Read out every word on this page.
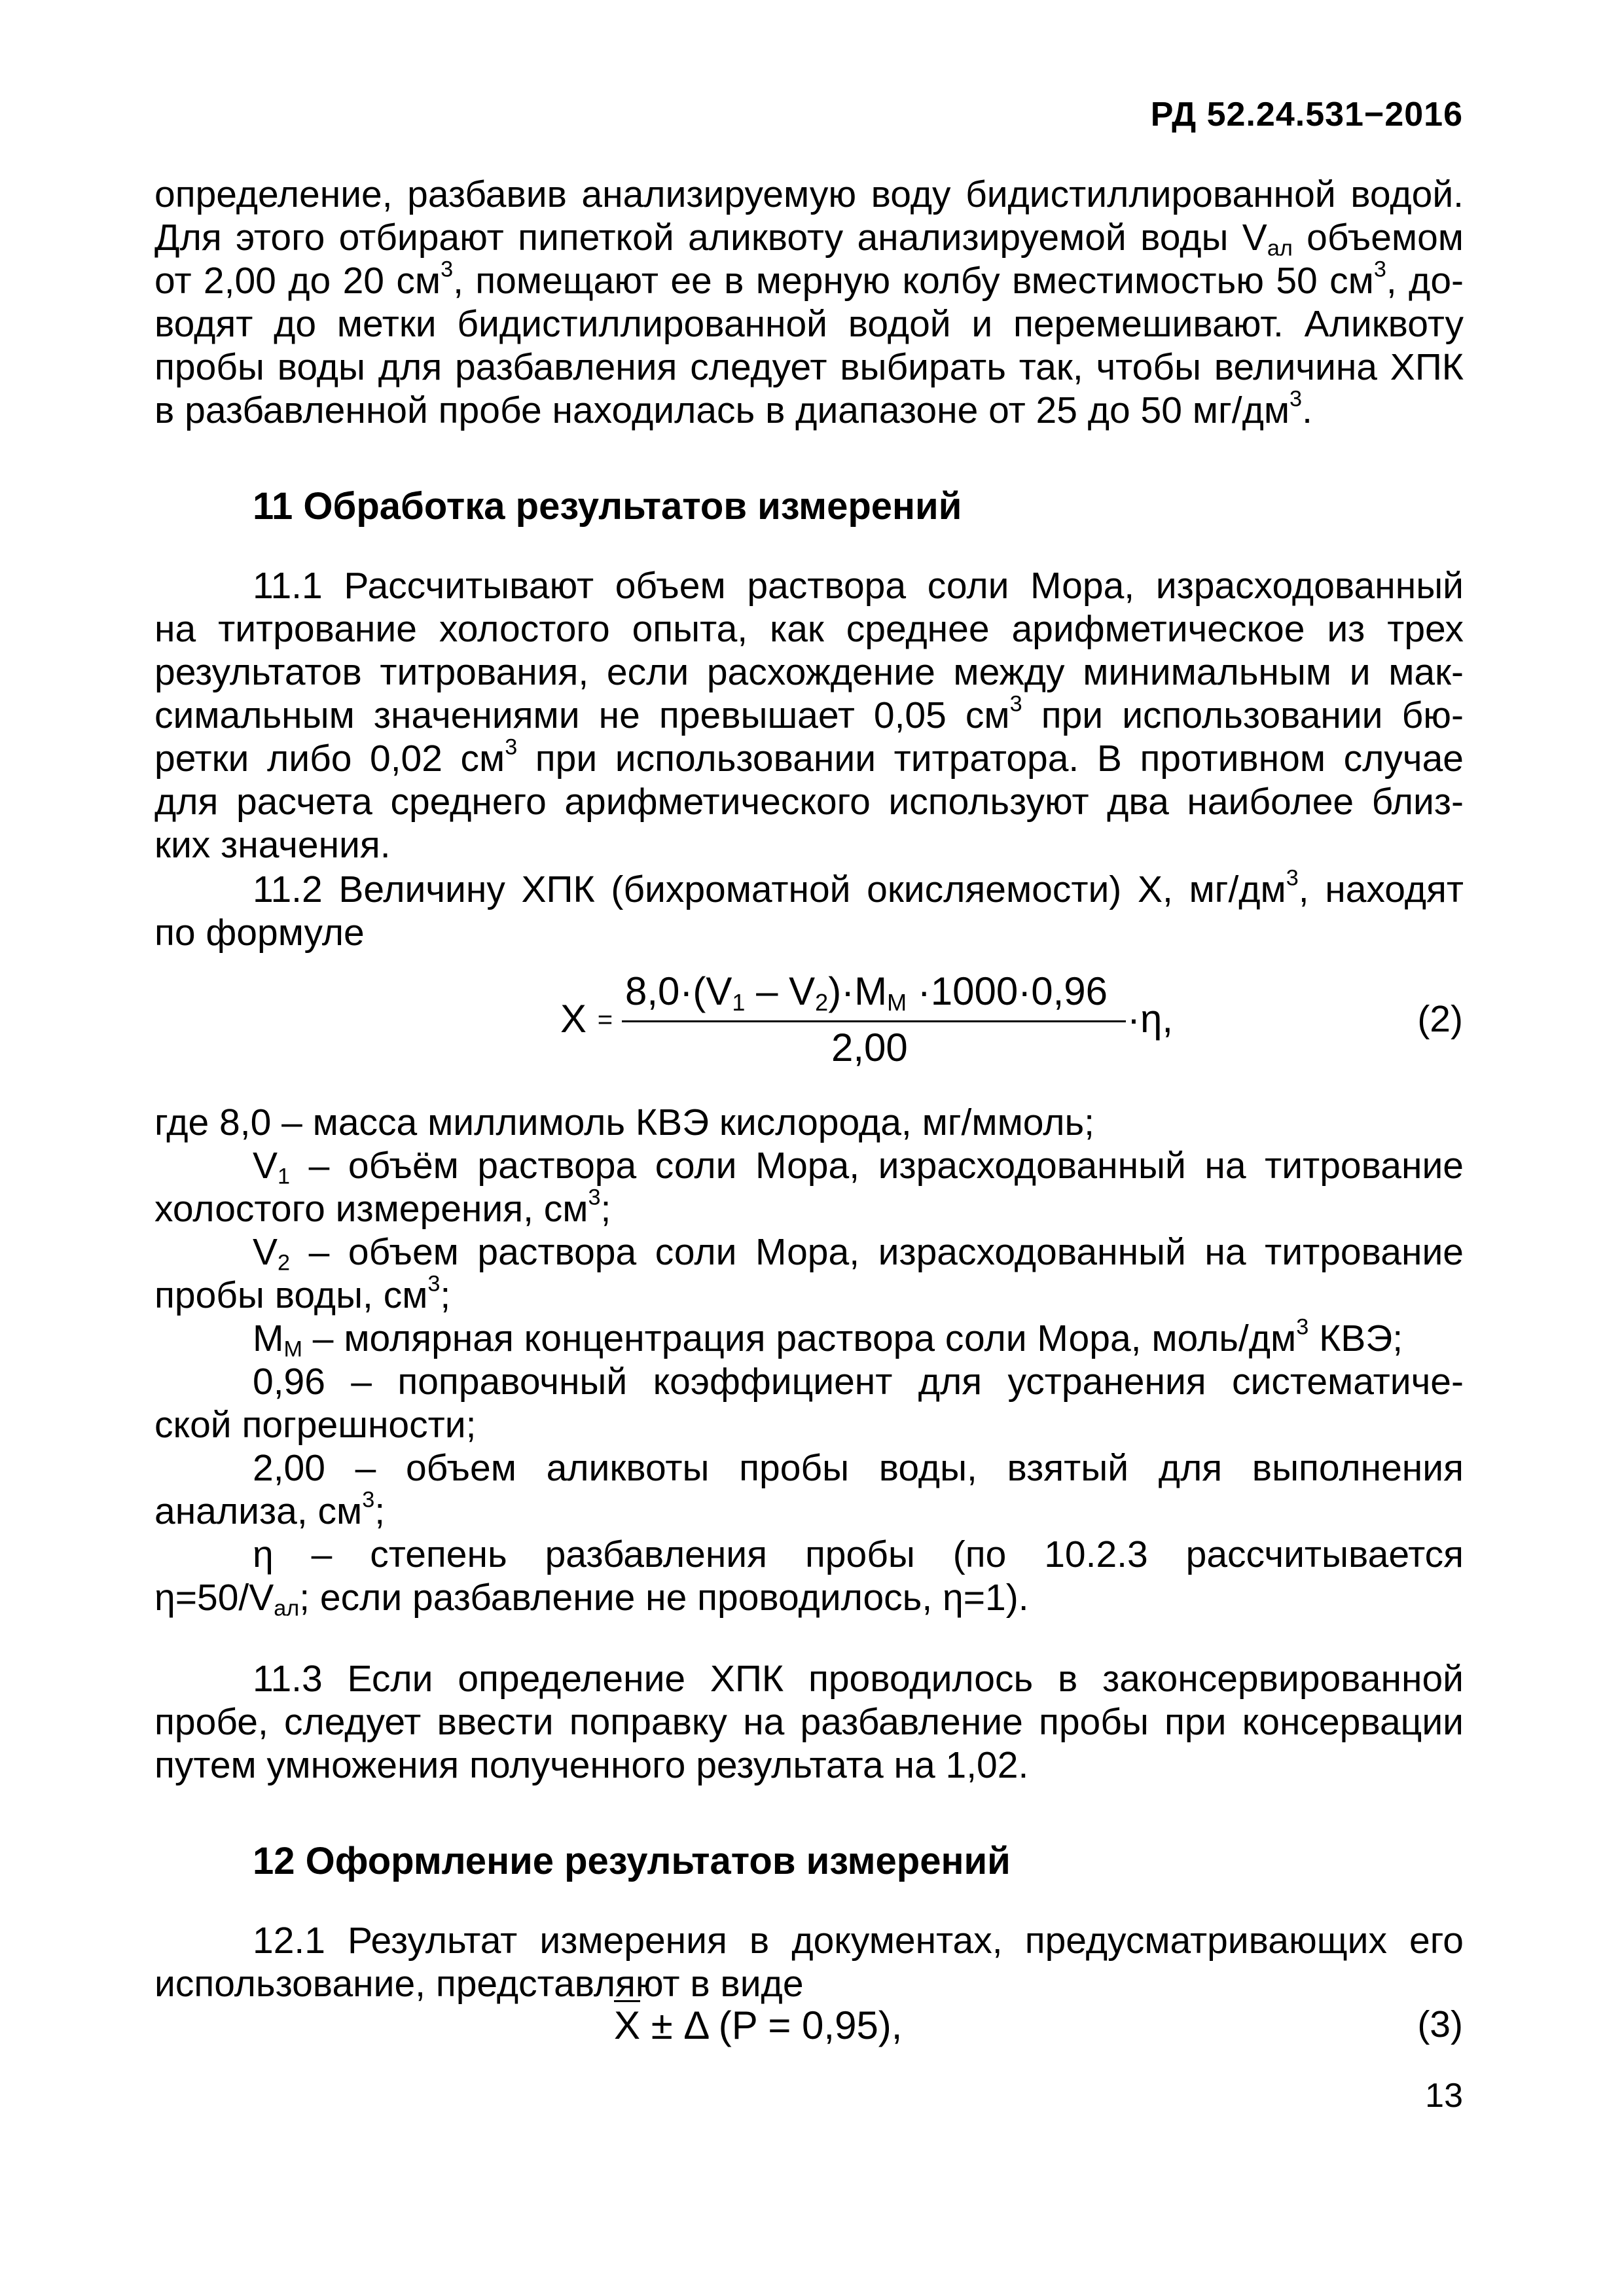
РД 52.24.531−2016
определение, разбавив анализируемую воду бидистиллированной водой.
Для этого отбирают пипеткой аликвоту анализируемой воды $V_{ал}$ объемом
от 2,00 до 20 $см^3$, помещают ее в мерную колбу вместимостью 50 $см^3$, до-
водят до метки бидистиллированной водой и перемешивают. Аликвоту
пробы воды для разбавления следует выбирать так, чтобы величина ХПК
в разбавленной пробе находилась в диапазоне от 25 до 50 $мг/дм^3$.
11 Обработка результатов измерений
11.1 Рассчитывают объем раствора соли Мора, израсходованный
на титрование холостого опыта, как среднее арифметическое из трех
результатов титрования, если расхождение между минимальным и мак-
симальным значениями не превышает 0,05 $см^3$ при использовании бю-
ретки либо 0,02 $см^3$ при использовании титратора. В противном случае
для расчета среднего арифметического используют два наиболее близ-
ких значения.
11.2 Величину ХПК (бихроматной окисляемости) X, $мг/дм^3$, находят
по формуле
X =
$8,0\cdot(V_1 - V_2)\cdot M_M \cdot 1000\cdot 0,96$
2,00
·η,	(2)
где 8,0 – масса миллимоль КВЭ кислорода, мг/ммоль;
$V_1$ – объём раствора соли Мора, израсходованный на титрование
холостого измерения, $см^3$;
$V_2$ – объем раствора соли Мора, израсходованный на титрование
пробы воды, $см^3$;
$M_M$ – молярная концентрация раствора соли Мора, моль/$дм^3$ КВЭ;
0,96 – поправочный коэффициент для устранения систематиче-
ской погрешности;
2,00 – объем аликвоты пробы воды, взятый для выполнения
анализа, $см^3$;
η – степень разбавления пробы (по 10.2.3 рассчитывается
$\eta=50/V_{ал}$; если разбавление не проводилось, η=1).
11.3 Если определение ХПК проводилось в законсервированной
пробе, следует ввести поправку на разбавление пробы при консервации
путем умножения полученного результата на 1,02.
12 Оформление результатов измерений
12.1 Результат измерения в документах, предусматривающих его
использование, представляют в виде
X ± Δ (P = 0,95),	(3)
13
